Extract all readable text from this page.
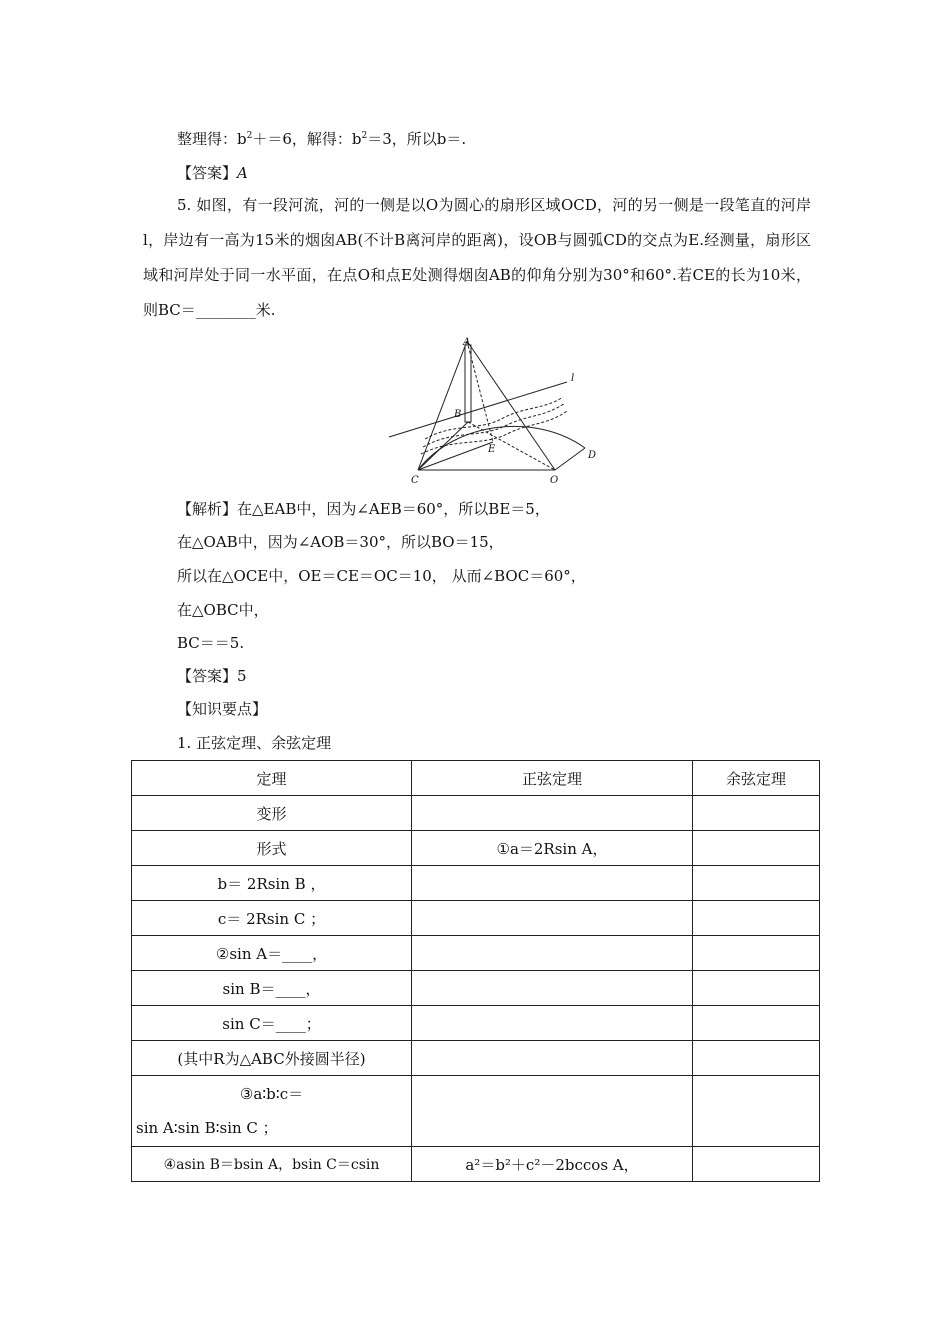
整理得：$b^2+=6$，解得：$b^2=3$，所以b＝.
【答案】A
5. 如图，有一段河流，河的一侧是以O为圆心的扇形区域OCD，河的另一侧是一段笔直的河岸l，岸边有一高为15米的烟囱AB(不计B离河岸的距离)，设OB与圆弧CD的交点为E.经测量，扇形区域和河岸处于同一水平面，在点O和点E处测得烟囱AB的仰角分别为30°和60°.若CE的长为10米，则BC＝________米.
A
B
C
D
E
O
l
【解析】在△EAB中，因为∠AEB＝60°，所以BE＝5，
在△OAB中，因为∠AOB＝30°，所以BO＝15，
所以在△OCE中，OE＝CE＝OC＝10， 从而∠BOC＝60°，
在△OBC中，
BC＝＝5.
【答案】5
【知识要点】
1. 正弦定理、余弦定理
定理	正弦定理	余弦定理
变形		
形式	①a＝2Rsin A，	
b＝ 2Rsin B ，		
c＝ 2Rsin C ；		
②sin A＝____，		
sin B＝____，		
sin C＝____；		
(其中R为△ABC外接圆半径)		

③a∶b∶c＝
sin A∶sin B∶sin C ；		

④asin B＝bsin A，bsin C＝csin	a²＝b²＋c²－2bccos A，	
